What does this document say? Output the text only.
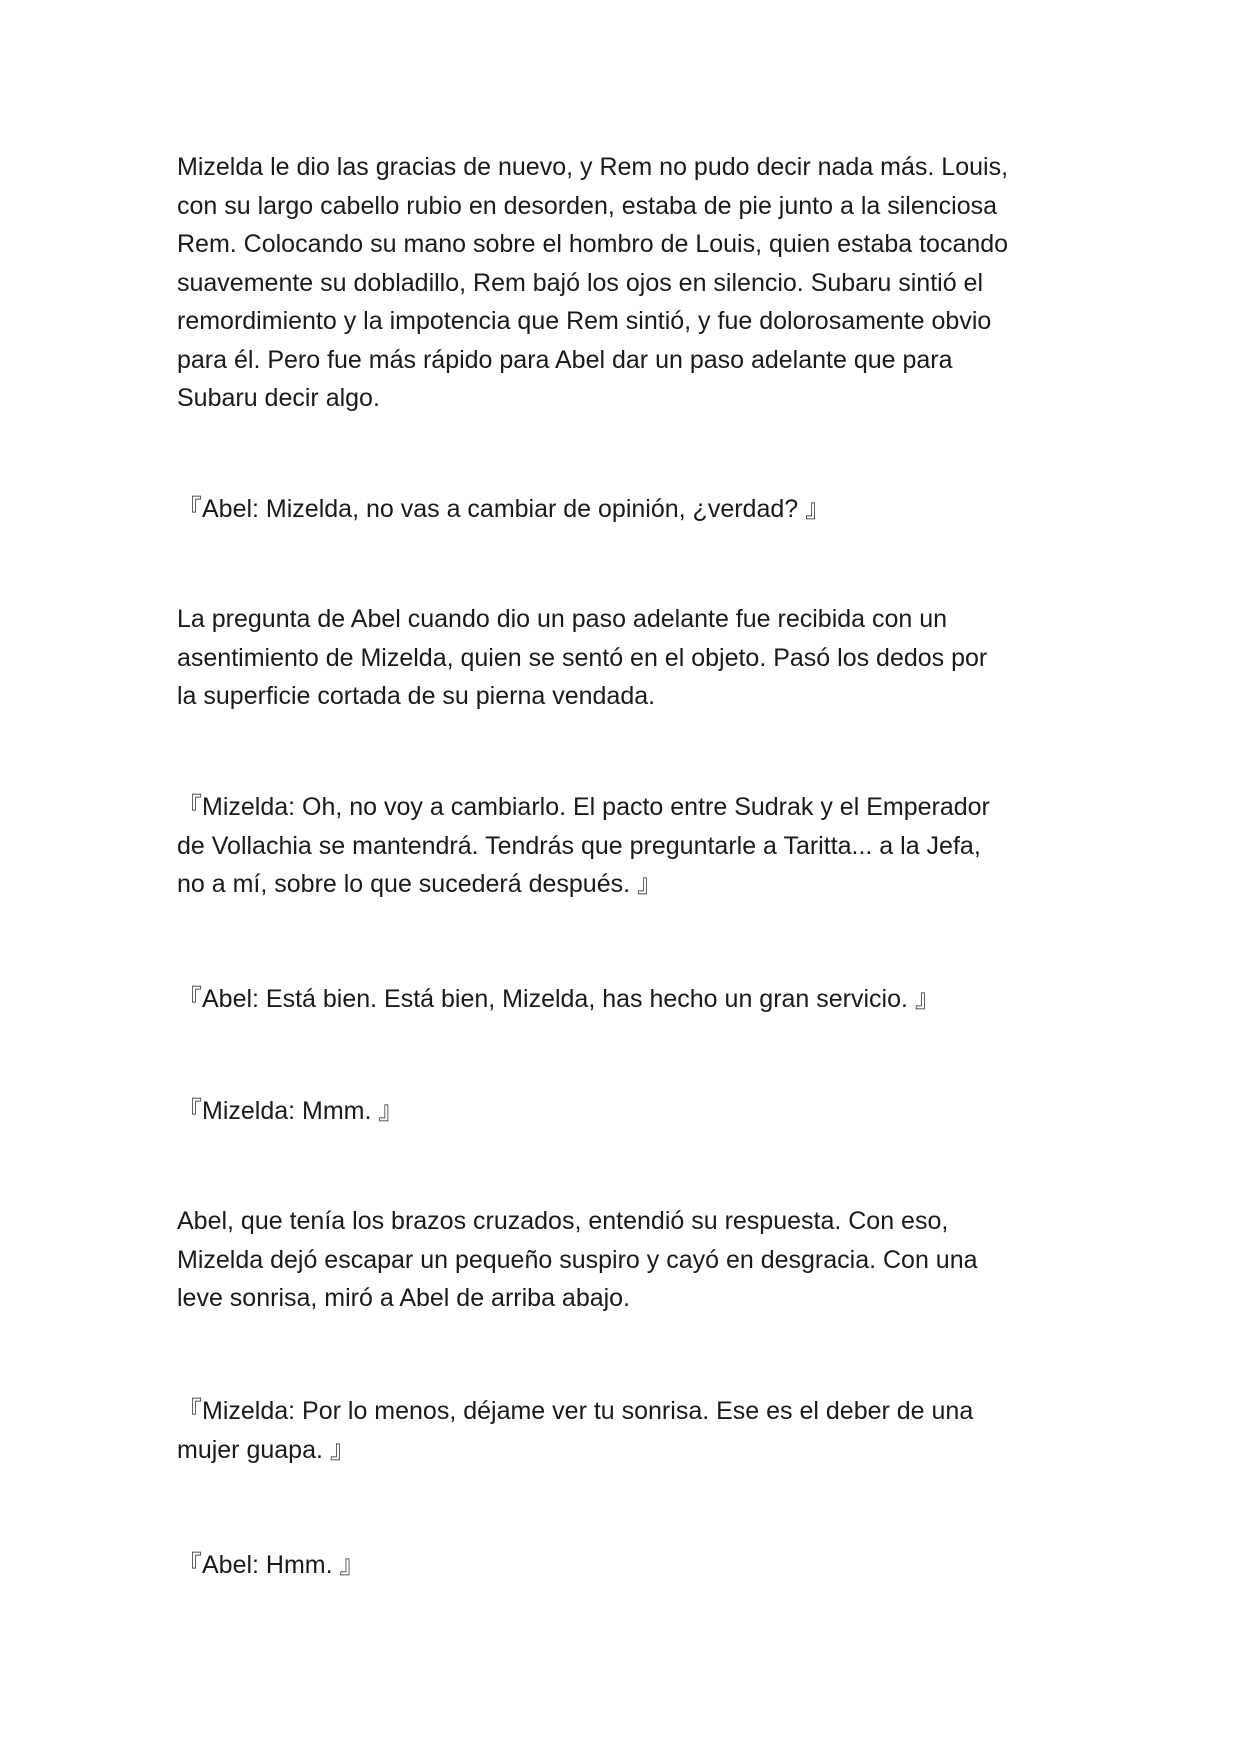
Mizelda le dio las gracias de nuevo, y Rem no pudo decir nada más. Louis,
con su largo cabello rubio en desorden, estaba de pie junto a la silenciosa
Rem. Colocando su mano sobre el hombro de Louis, quien estaba tocando
suavemente su dobladillo, Rem bajó los ojos en silencio. Subaru sintió el
remordimiento y la impotencia que Rem sintió, y fue dolorosamente obvio
para él. Pero fue más rápido para Abel dar un paso adelante que para
Subaru decir algo.

『Abel: Mizelda, no vas a cambiar de opinión, ¿verdad? 』

La pregunta de Abel cuando dio un paso adelante fue recibida con un
asentimiento de Mizelda, quien se sentó en el objeto. Pasó los dedos por
la superficie cortada de su pierna vendada.

『Mizelda: Oh, no voy a cambiarlo. El pacto entre Sudrak y el Emperador
de Vollachia se mantendrá. Tendrás que preguntarle a Taritta... a la Jefa,
no a mí, sobre lo que sucederá después. 』

『Abel: Está bien. Está bien, Mizelda, has hecho un gran servicio. 』

『Mizelda: Mmm. 』

Abel, que tenía los brazos cruzados, entendió su respuesta. Con eso,
Mizelda dejó escapar un pequeño suspiro y cayó en desgracia. Con una
leve sonrisa, miró a Abel de arriba abajo.

『Mizelda: Por lo menos, déjame ver tu sonrisa. Ese es el deber de una
mujer guapa. 』

『Abel: Hmm. 』
